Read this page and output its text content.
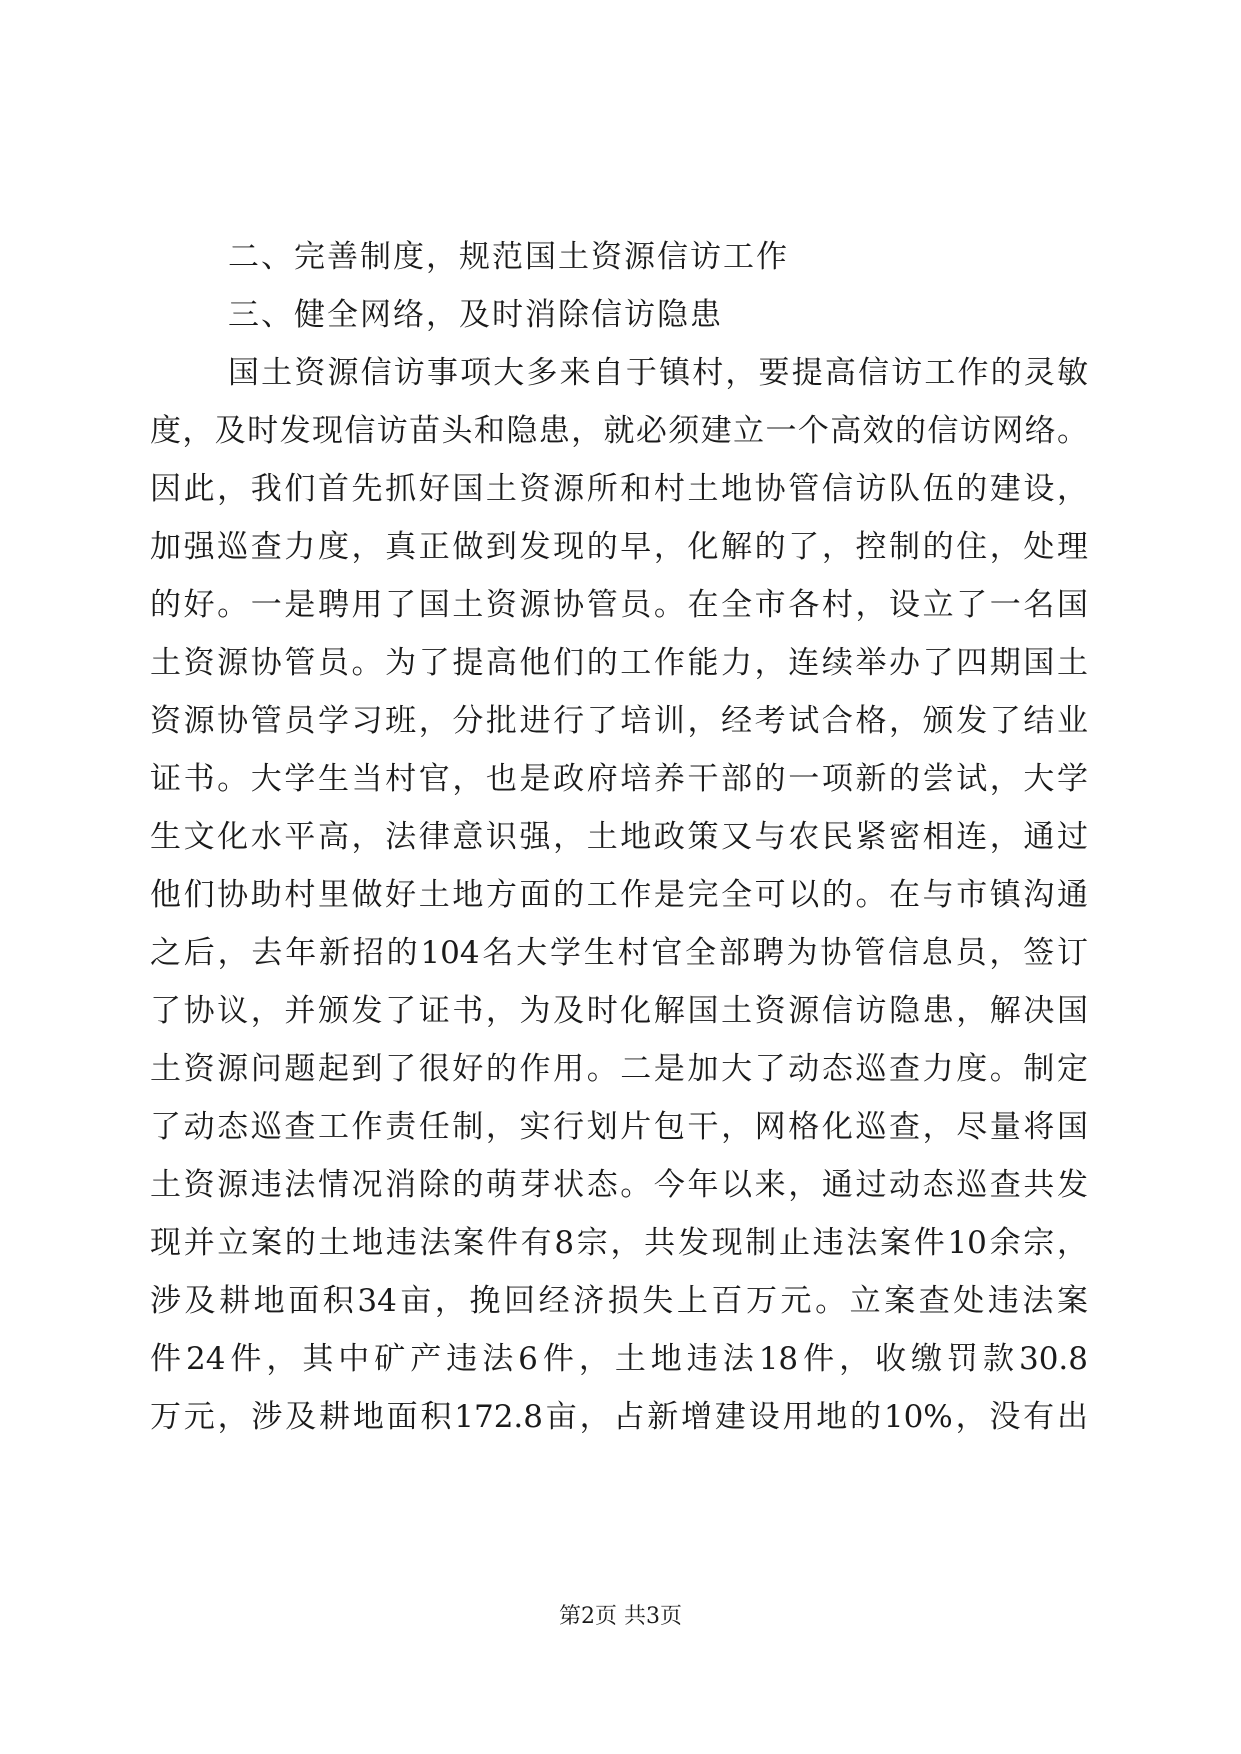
二、完善制度，规范国土资源信访工作
三、健全网络，及时消除信访隐患
国土资源信访事项大多来自于镇村，要提高信访工作的灵敏
度，及时发现信访苗头和隐患，就必须建立一个高效的信访网络。
因此，我们首先抓好国土资源所和村土地协管信访队伍的建设，
加强巡查力度，真正做到发现的早，化解的了，控制的住，处理
的好。一是聘用了国土资源协管员。在全市各村，设立了一名国
土资源协管员。为了提高他们的工作能力，连续举办了四期国土
资源协管员学习班，分批进行了培训，经考试合格，颁发了结业
证书。大学生当村官，也是政府培养干部的一项新的尝试，大学
生文化水平高，法律意识强，土地政策又与农民紧密相连，通过
他们协助村里做好土地方面的工作是完全可以的。在与市镇沟通
之后，去年新招的104名大学生村官全部聘为协管信息员，签订
了协议，并颁发了证书，为及时化解国土资源信访隐患，解决国
土资源问题起到了很好的作用。二是加大了动态巡查力度。制定
了动态巡查工作责任制，实行划片包干，网格化巡查，尽量将国
土资源违法情况消除的萌芽状态。今年以来，通过动态巡查共发
现并立案的土地违法案件有8宗，共发现制止违法案件10余宗，
涉及耕地面积34亩，挽回经济损失上百万元。立案查处违法案
件24件，其中矿产违法6件，土地违法18件，收缴罚款30.8
万元，涉及耕地面积172.8亩，占新增建设用地的10%，没有出
第2页 共3页
